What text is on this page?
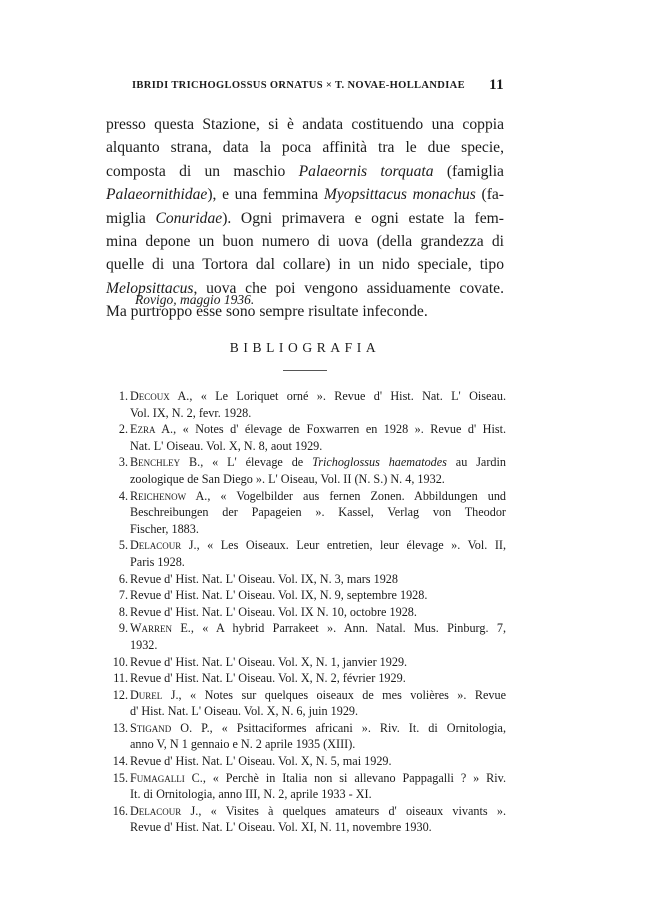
IBRIDI TRICHOGLOSSUS ORNATUS × T. NOVAE-HOLLANDIAE 11
presso questa Stazione, si è andata costituendo una coppia
alquanto strana, data la poca affinità tra le due specie,
composta di un maschio Palaeornis torquata (famiglia
Palaeornithidae), e una femmina Myopsittacus monachus (fa-
miglia Conuridae). Ogni primavera e ogni estate la fem-
mina depone un buon numero di uova (della grandezza di
quelle di una Tortora dal collare) in un nido speciale, tipo
Melopsittacus, uova che poi vengono assiduamente covate.
Ma purtroppo esse sono sempre risultate infeconde.
Rovigo, maggio 1936.
BIBLIOGRAFIA
1. Decoux A., « Le Loriquet orné ». Revue d' Hist. Nat. L' Oiseau.
Vol. IX, N. 2, fevr. 1928.
2. Ezra A., « Notes d' élevage de Foxwarren en 1928 ». Revue d' Hist.
Nat. L' Oiseau. Vol. X, N. 8, aout 1929.
3. Benchley B., « L' élevage de Trichoglossus haematodes au Jardin
zoologique de San Diego ». L' Oiseau, Vol. II (N. S.) N. 4, 1932.
4. Reichenow A., « Vogelbilder aus fernen Zonen. Abbildungen und
Beschreibungen der Papageien ». Kassel, Verlag von Theodor
Fischer, 1883.
5. Delacour J., « Les Oiseaux. Leur entretien, leur élevage ». Vol. II,
Paris 1928.
6. Revue d' Hist. Nat. L' Oiseau. Vol. IX, N. 3, mars 1928
7. Revue d' Hist. Nat. L' Oiseau. Vol. IX, N. 9, septembre 1928.
8. Revue d' Hist. Nat. L' Oiseau. Vol. IX N. 10, octobre 1928.
9. Warren E., « A hybrid Parrakeet ». Ann. Natal. Mus. Pinburg. 7,
1932.
10. Revue d' Hist. Nat. L' Oiseau. Vol. X, N. 1, janvier 1929.
11. Revue d' Hist. Nat. L' Oiseau. Vol. X, N. 2, février 1929.
12. Durel J., « Notes sur quelques oiseaux de mes volières ». Revue
d' Hist. Nat. L' Oiseau. Vol. X, N. 6, juin 1929.
13. Stigand O. P., « Psittaciformes africani ». Riv. It. di Ornitologia,
anno V, N 1 gennaio e N. 2 aprile 1935 (XIII).
14. Revue d' Hist. Nat. L' Oiseau. Vol. X, N. 5, mai 1929.
15. Fumagalli C., « Perchè in Italia non si allevano Pappagalli ? » Riv.
It. di Ornitologia, anno III, N. 2, aprile 1933 - XI.
16. Delacour J., « Visites à quelques amateurs d' oiseaux vivants ».
Revue d' Hist. Nat. L' Oiseau. Vol. XI, N. 11, novembre 1930.
